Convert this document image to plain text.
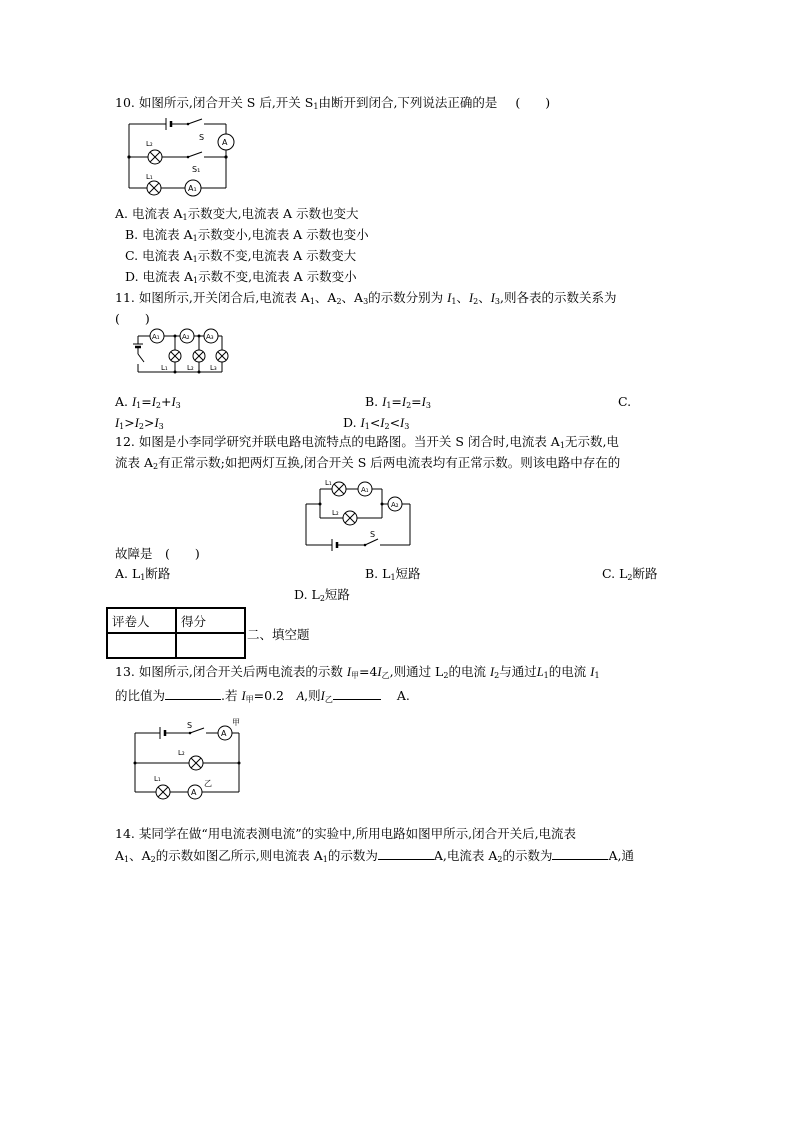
10. 如图所示,闭合开关 S 后,开关 $S_1$由断开到闭合,下列说法正确的是 (　　)
S
A
L₂
S₁
L₁
A₁
A. 电流表 $A_1$示数变大,电流表 A 示数也变大
B. 电流表 $A_1$示数变小,电流表 A 示数也变小
C. 电流表 $A_1$示数不变,电流表 A 示数变大
D. 电流表 $A_1$示数不变,电流表 A 示数变小
11. 如图所示,开关闭合后,电流表 $A_1$、$A_2$、$A_3$的示数分别为 $I_1$、$I_2$、$I_3$,则各表的示数关系为
(　　)
A₁	A₂ A₃
L₁	L₂ L₃
A. $I_1=I_2+I_3$	B. $I_1=I_2=I_3$	C.
$I_1>I_2>I_3$	D. $I_1<I_2<I_3$
12. 如图是小李同学研究并联电路电流特点的电路图。当开关 S 闭合时,电流表 $A_1$无示数,电
流表 $A_2$有正常示数;如把两灯互换,闭合开关 S 后两电流表均有正常示数。则该电路中存在的
L₁
A₁
L₂
A₂
S
故障是　(　　)
A. $L_1$断路	B. $L_1$短路	C. $L_2$断路
D. $L_2$短路
评卷人	得分

二、填空题
13. 如图所示,闭合开关后两电流表的示数 $I_甲=4I_乙$,则通过 $L_2$的电流 $I_2$与通过$L_1$的电流 $I_1$
的比值为	.若 $I_甲=0.2$　A,则$I_乙$	A.
S	甲
A
L₂
L₁	乙
A
14. 某同学在做“用电流表测电流”的实验中,所用电路如图甲所示,闭合开关后,电流表
$A_1$、$A_2$的示数如图乙所示,则电流表 $A_1$的示数为	A,电流表 $A_2$的示数为	A,通
